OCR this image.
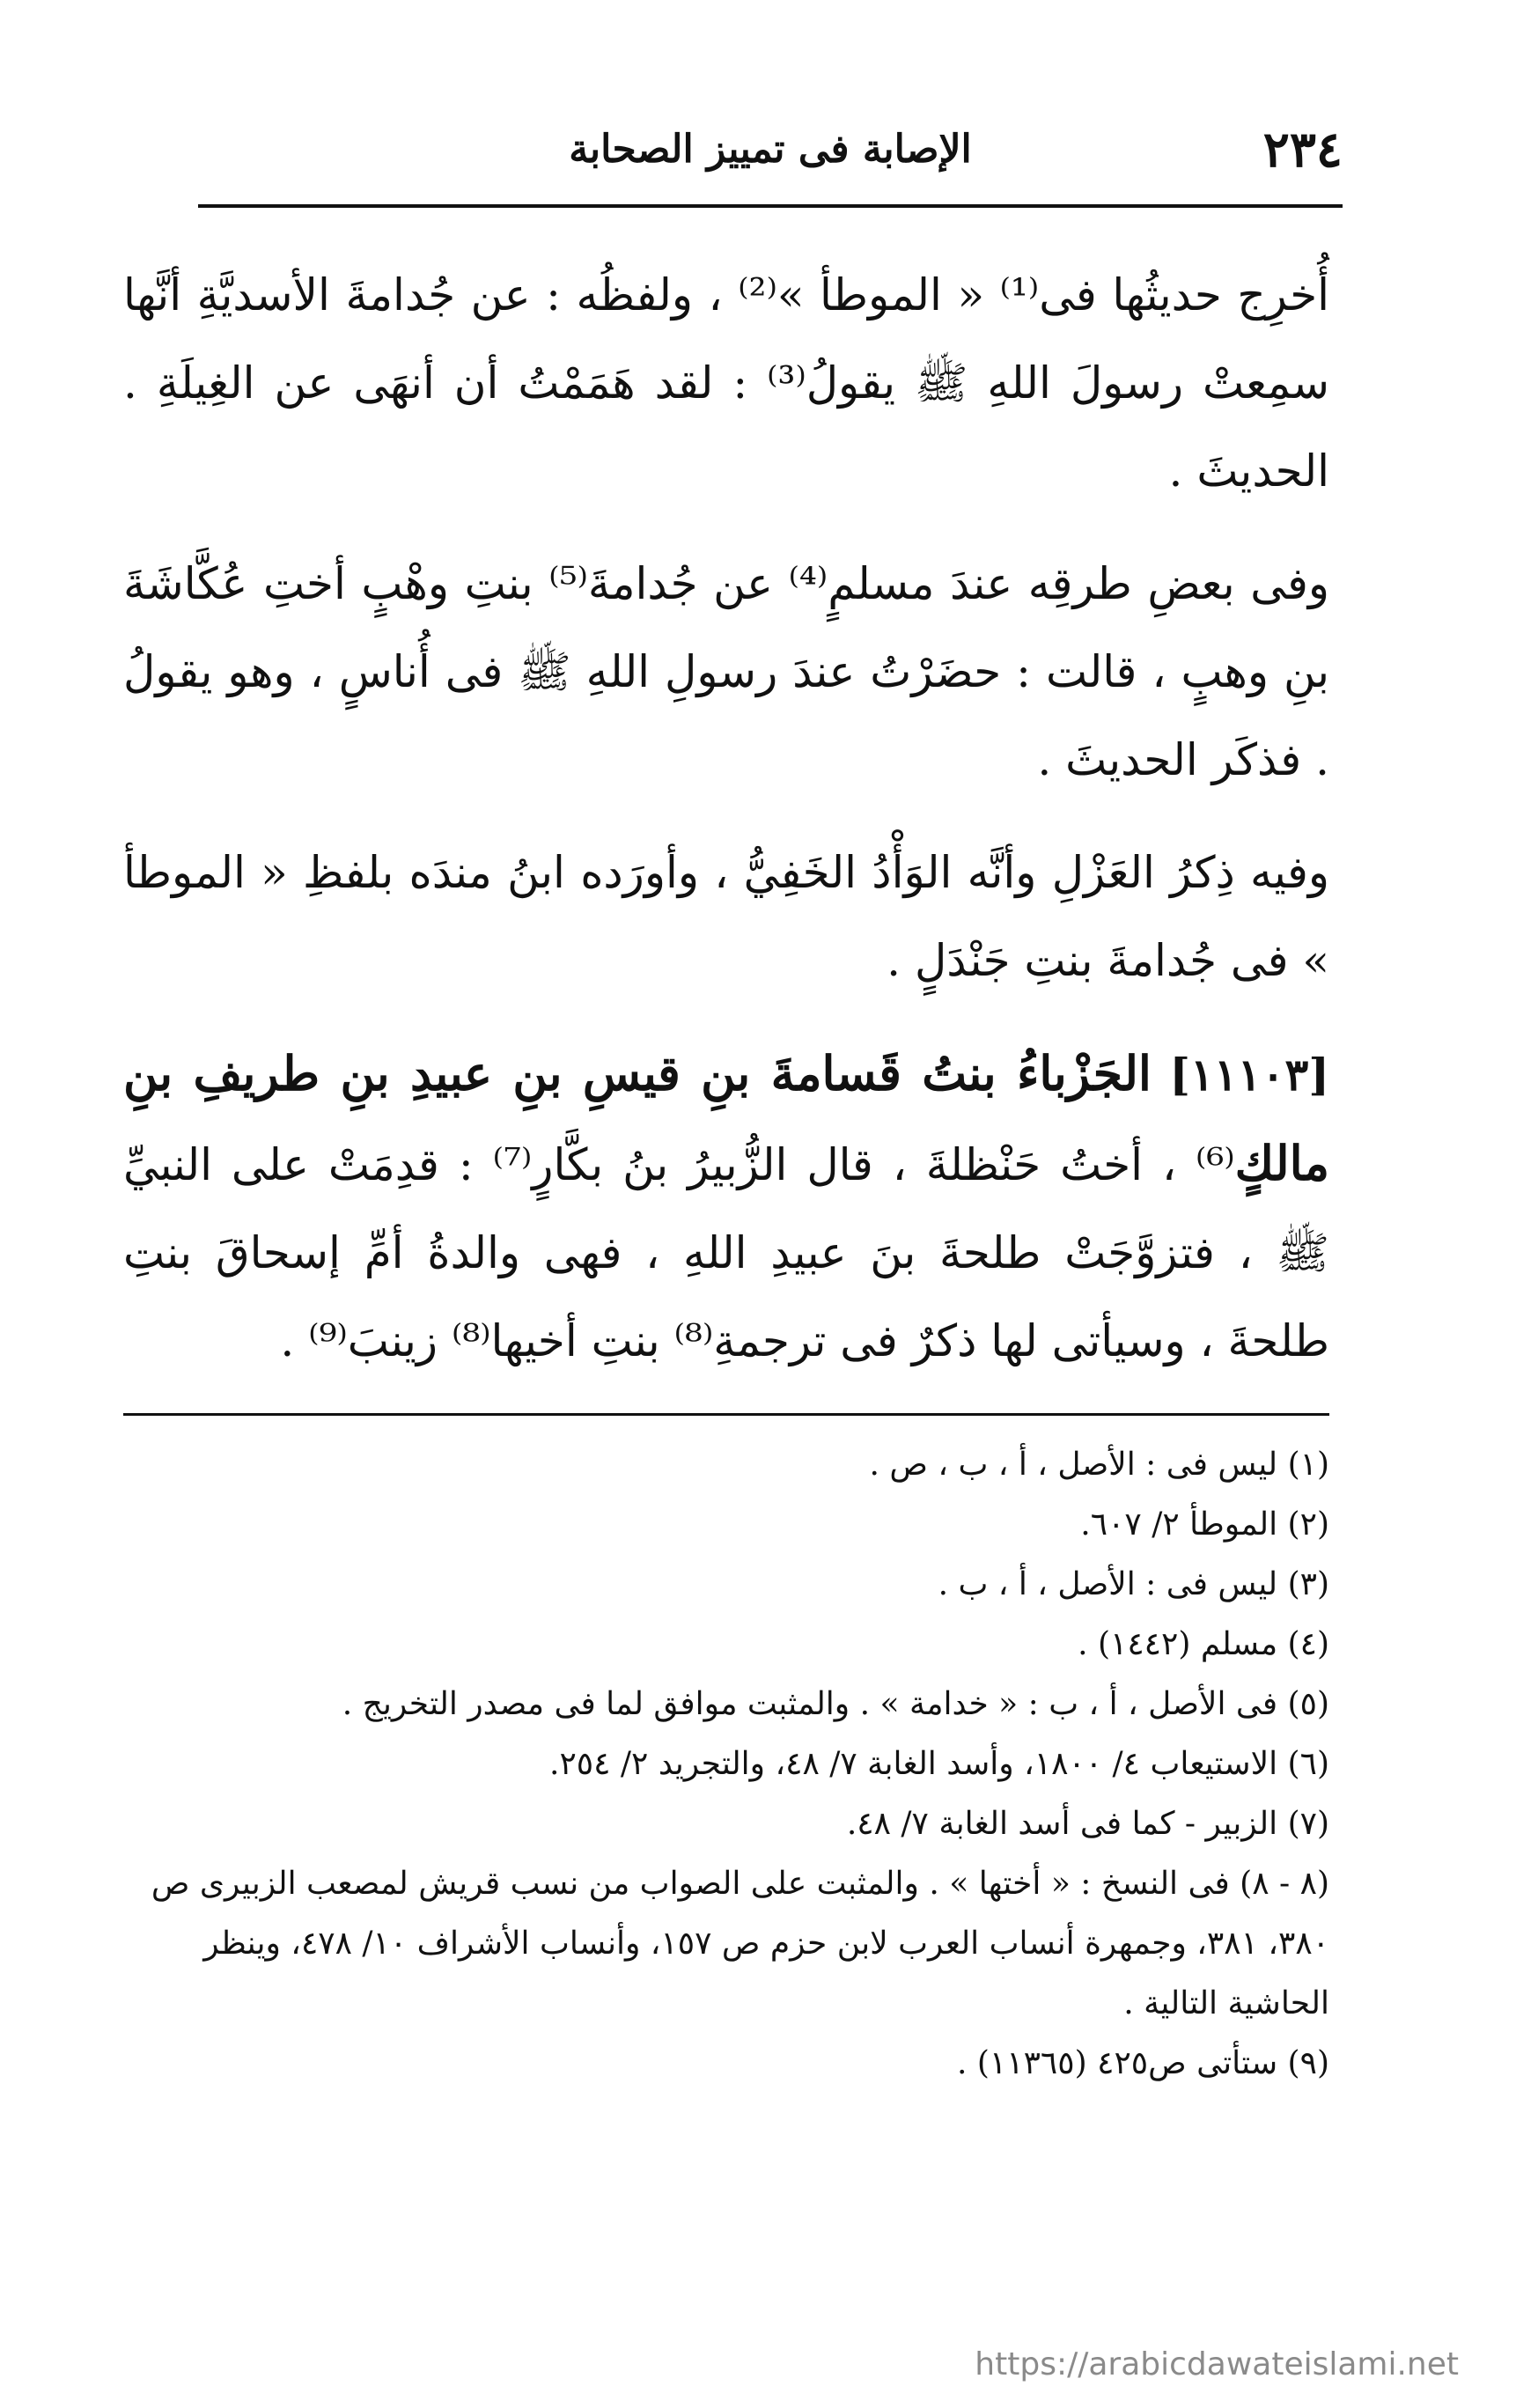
٢٣٤
الإصابة فى تمييز الصحابة

أُخرِج حديثُها فى⁽¹⁾ « الموطأ »⁽²⁾ ، ولفظُه : عن جُدامةَ الأسديَّةِ أنَّها سمِعتْ رسولَ اللهِ ﷺ يقولُ⁽³⁾ : لقد هَمَمْتُ أن أنهَى عن الغِيلَةِ . الحديثَ .

وفى بعضِ طرقِه عندَ مسلمٍ⁽⁴⁾ عن جُدامةَ⁽⁵⁾ بنتِ وهْبٍ أختِ عُكَّاشَةَ بنِ وهبٍ ، قالت : حضَرْتُ عندَ رسولِ اللهِ ﷺ فى أُناسٍ ، وهو يقولُ . فذكَر الحديثَ .

وفيه ذِكرُ العَزْلِ وأنَّه الوَأْدُ الخَفِيُّ ، وأورَده ابنُ مندَه بلفظِ « الموطأ » فى جُدامةَ بنتِ جَنْدَلٍ .

[١١١٠٣] الجَزْباءُ بنتُ قَسامةَ بنِ قيسِ بنِ عبيدِ بنِ طريفِ بنِ مالكٍ⁽⁶⁾ ، أختُ حَنْظلةَ ، قال الزُّبيرُ بنُ بكَّارٍ⁽⁷⁾ : قدِمَتْ على النبيِّ ﷺ ، فتزوَّجَتْ طلحةَ بنَ عبيدِ اللهِ ، فهى والدةُ أمِّ إسحاقَ بنتِ طلحةَ ، وسيأتى لها ذكرٌ فى ترجمةِ⁽⁸⁾ بنتِ أخيها⁽⁸⁾ زينبَ⁽⁹⁾ .

(١) ليس فى : الأصل ، أ ، ب ، ص .

(٢) الموطأ ٢/ ٦٠٧.

(٣) ليس فى : الأصل ، أ ، ب .

(٤) مسلم (١٤٤٢) .

(٥) فى الأصل ، أ ، ب : « خدامة » . والمثبت موافق لما فى مصدر التخريج .

(٦) الاستيعاب ٤/ ١٨٠٠، وأسد الغابة ٧/ ٤٨، والتجريد ٢/ ٢٥٤.

(٧) الزبير - كما فى أسد الغابة ٧/ ٤٨.

(٨ - ٨) فى النسخ : « أختها » . والمثبت على الصواب من نسب قريش لمصعب الزبيرى ص ٣٨٠، ٣٨١، وجمهرة أنساب العرب لابن حزم ص ١٥٧، وأنساب الأشراف ١٠/ ٤٧٨، وينظر الحاشية التالية .

(٩) ستأتى ص٤٢٥ (١١٣٦٥) .

https://arabicdawateislami.net
